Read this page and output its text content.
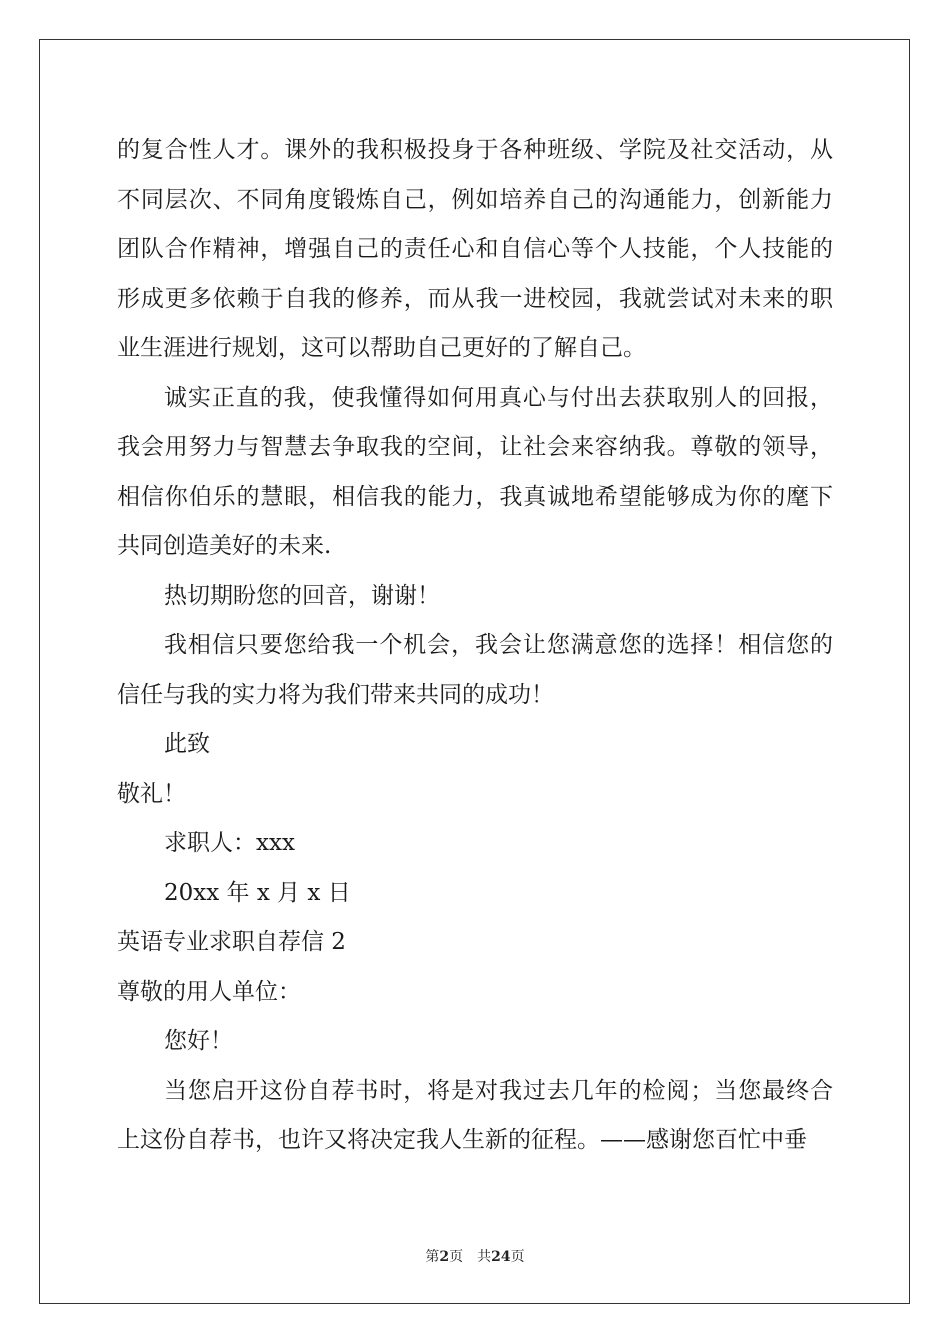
的复合性人才。课外的我积极投身于各种班级、学院及社交活动，从
不同层次、不同角度锻炼自己，例如培养自己的沟通能力，创新能力
团队合作精神，增强自己的责任心和自信心等个人技能，个人技能的
形成更多依赖于自我的修养，而从我一进校园，我就尝试对未来的职
业生涯进行规划，这可以帮助自己更好的了解自己。
诚实正直的我，使我懂得如何用真心与付出去获取别人的回报，
我会用努力与智慧去争取我的空间，让社会来容纳我。尊敬的领导，
相信你伯乐的慧眼，相信我的能力，我真诚地希望能够成为你的麾下
共同创造美好的未来.
热切期盼您的回音，谢谢！
我相信只要您给我一个机会，我会让您满意您的选择！相信您的
信任与我的实力将为我们带来共同的成功！
此致
敬礼！
求职人：xxx
20xx 年 x 月 x 日
英语专业求职自荐信 2
尊敬的用人单位：
您好！
当您启开这份自荐书时，将是对我过去几年的检阅；当您最终合
上这份自荐书，也许又将决定我人生新的征程。——感谢您百忙中垂
第2页　共24页
